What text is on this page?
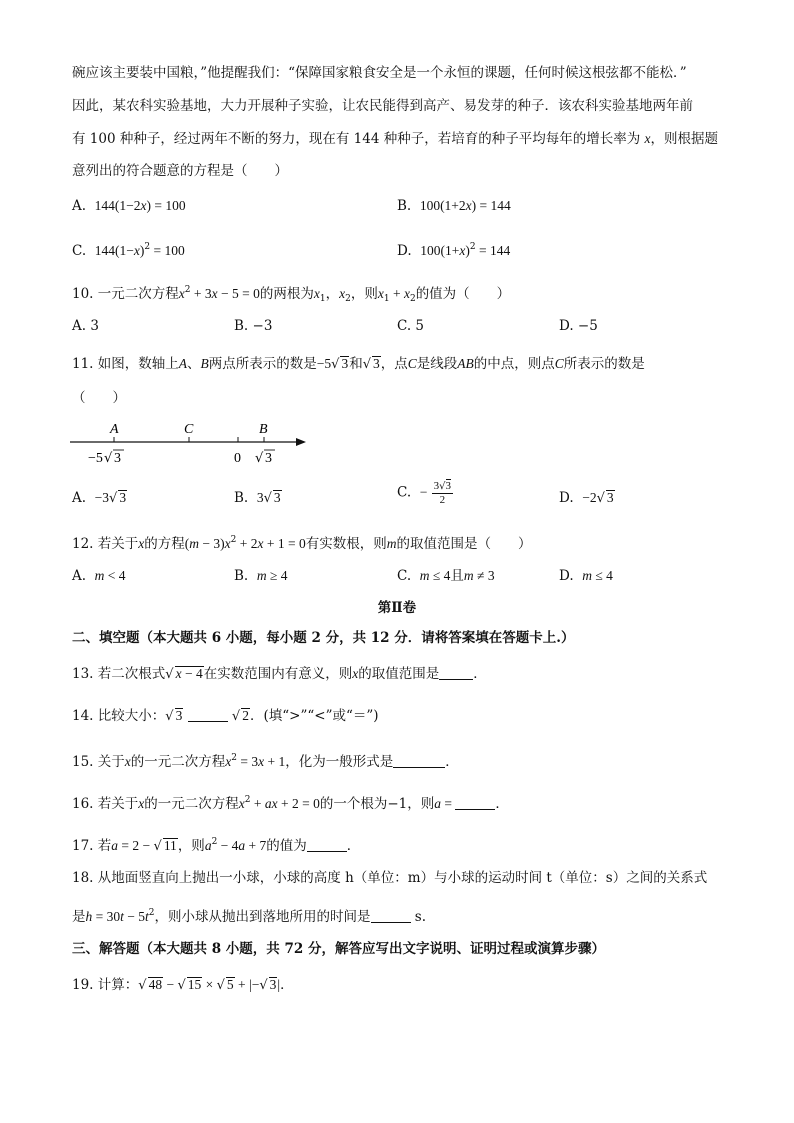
碗应该主要装中国粮，”他提醒我们：“保障国家粮食安全是一个永恒的课题，任何时候这根弦都不能松．”
因此，某农科实验基地，大力开展种子实验，让农民能得到高产、易发芽的种子．该农科实验基地两年前
有 100 种种子，经过两年不断的努力，现在有 144 种种子，若培育的种子平均每年的增长率为 x，则根据题
意列出的符合题意的方程是（　　）
A. 144(1−2x) = 100	B. 100(1+2x) = 144
C. $144(1-x)^2 = 100$	D. $100(1+x)^2 = 144$
10. 一元二次方程$x^2 + 3x - 5 = 0$的两根为$x_1$，$x_2$，则$x_1 + x_2$的值为（　　）
A. 3	B. −3	C. 5	D. −5
11. 如图，数轴上A、B两点所表示的数是−5√ 3和√ 3，点C是线段AB的中点，则点C所表示的数是
（　　）
A	C	B
−5 √ 3	0 √ 3
A. −3√ 3	B. 3√ 3	C. − $\frac{3√3}{2}$	D. −2√ 3
12. 若关于x的方程$(m - 3)x^2 + 2x + 1 = 0$有实数根，则m的取值范围是（　　）
A. m < 4	B. m ≥ 4	C. m ≤ 4且m ≠ 3	D. m ≤ 4
第Ⅱ卷
二、填空题（本大题共 6 小题，每小题 2 分，共 12 分．请将答案填在答题卡上.）
13. 若二次根式√ x − 4在实数范围内有意义，则x的取值范围是	．
14. 比较大小：√ 3	√ 2．(填“>”“<”或“＝”)
15. 关于x的一元二次方程$x^2 = 3x + 1$，化为一般形式是	．
16. 若关于x的一元二次方程$x^2$ + ax + 2 = 0的一个根为−1，则a =	．
17. 若a = 2 − √ 11，则$a^2 - 4a + 7$的值为	．
18. 从地面竖直向上抛出一小球，小球的高度 h（单位：m）与小球的运动时间 t（单位：s）之间的关系式
是$h = 30t - 5t^2$，则小球从抛出到落地所用的时间是	s.
三、解答题（本大题共 8 小题，共 72 分，解答应写出文字说明、证明过程或演算步骤）
19. 计算：√ 48 − √ 15 × √ 5 + |−√ 3|．
